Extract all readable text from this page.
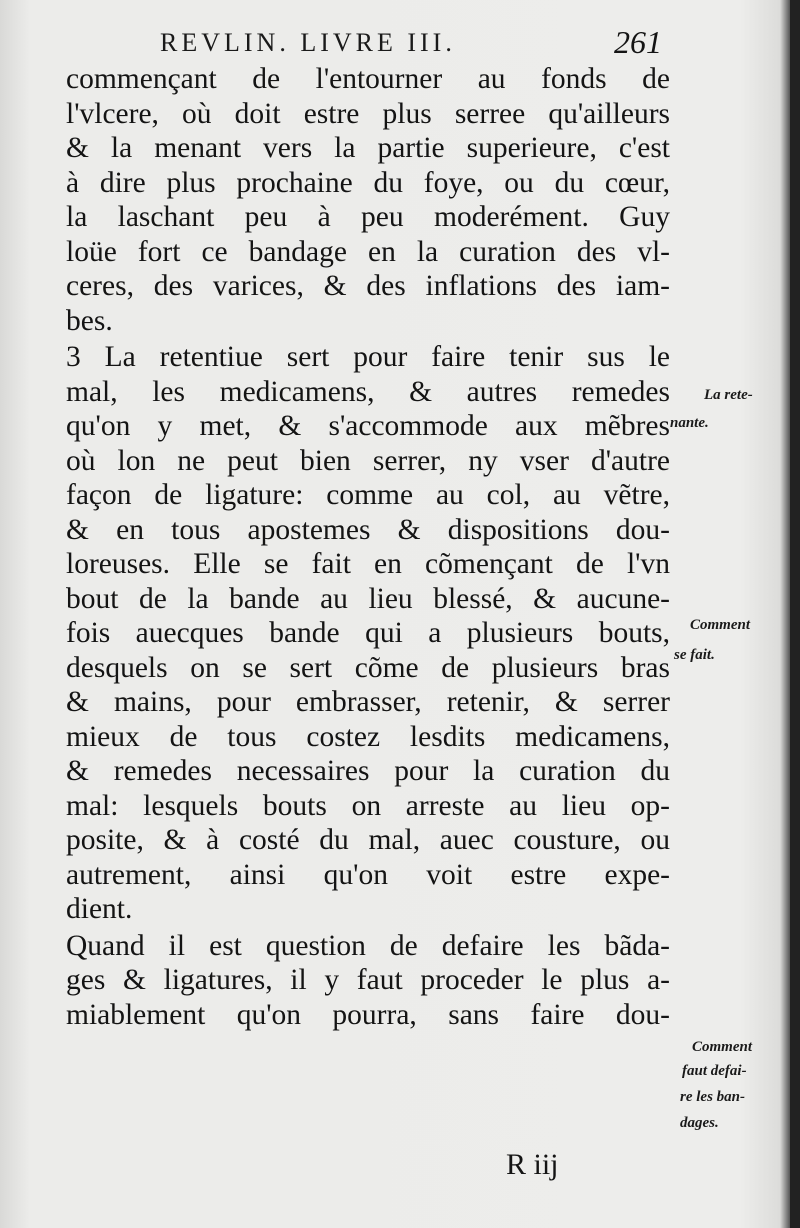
REVLIN. LIVRE III.	261
commençant de l'entourner au fonds de
l'vlcere, où doit estre plus serree qu'ailleurs
& la menant vers la partie superieure, c'est
à dire plus prochaine du foye, ou du cœur,
la laschant peu à peu moderément. Guy
loüe fort ce bandage en la curation des vl-
ceres, des varices, & des inflations des iam-
bes.
3 La retentiue sert pour faire tenir sus le
mal, les medicamens, & autres remedes
qu'on y met, & s'accommode aux mẽbres
où lon ne peut bien serrer, ny vser d'autre
façon de ligature: comme au col, au vẽtre,
& en tous apostemes & dispositions dou-
loreuses. Elle se fait en cõmençant de l'vn
bout de la bande au lieu blessé, & aucune-
fois auecques bande qui a plusieurs bouts,
desquels on se sert cõme de plusieurs bras
& mains, pour embrasser, retenir, & serrer
mieux de tous costez lesdits medicamens,
& remedes necessaires pour la curation du
mal: lesquels bouts on arreste au lieu op-
posite, & à costé du mal, auec cousture, ou
autrement, ainsi qu'on voit estre expe-
dient.
Quand il est question de defaire les bãda-
ges & ligatures, il y faut proceder le plus a-
miablement qu'on pourra, sans faire dou-
La rete-
nante.
Comment
se fait.
Comment
faut defai-
re les ban-
dages.
R iij
